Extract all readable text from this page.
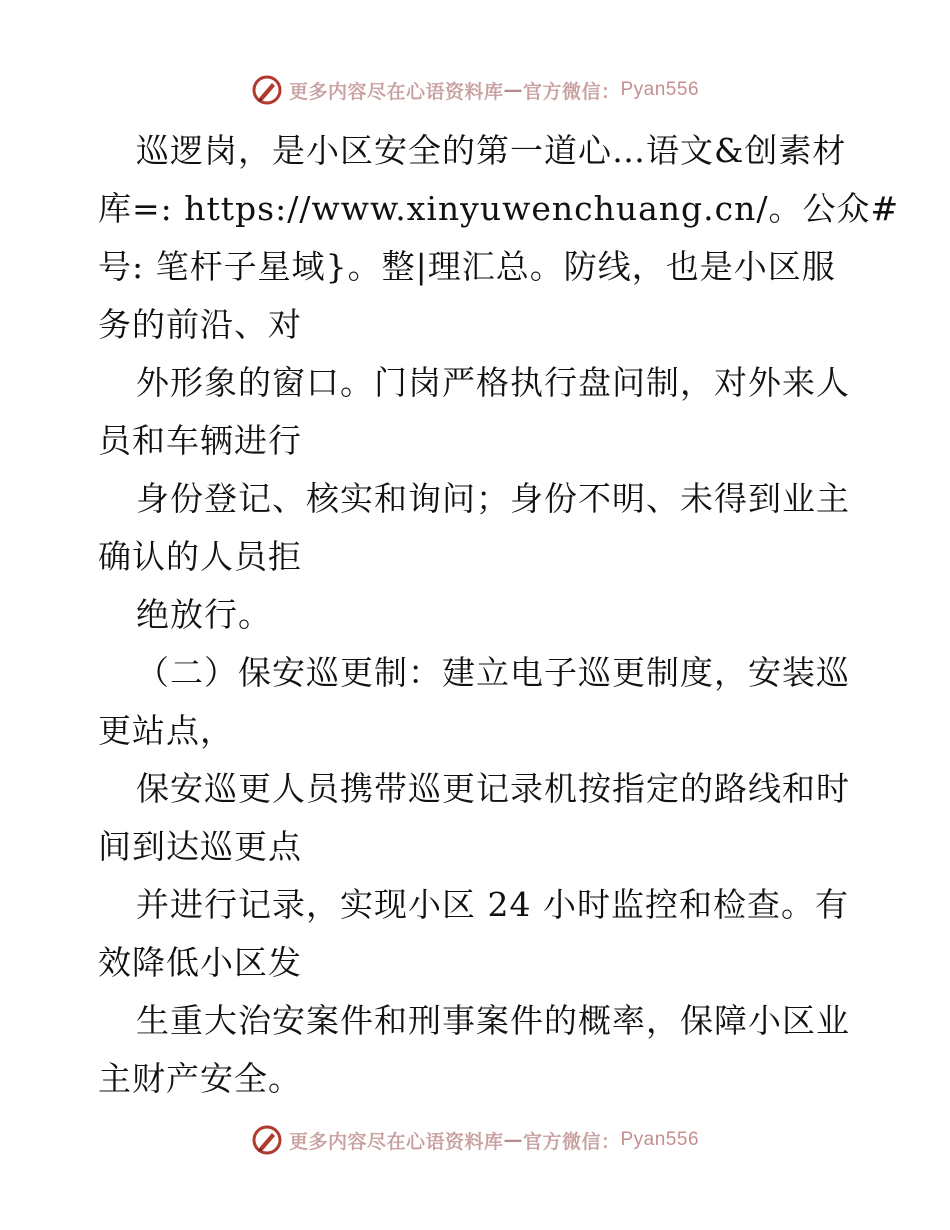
更多内容尽在心语资料库 — 官方微信： Pyan556
巡逻岗，是小区安全的第一道心…语文&创素材
库=: https://www.xinyuwenchuang.cn/。公众#
号: 笔杆子星域}。整|理汇总。防线，也是小区服
务的前沿、对
外形象的窗口。门岗严格执行盘问制，对外来人
员和车辆进行
身份登记、核实和询问；身份不明、未得到业主
确认的人员拒
绝放行。
（二）保安巡更制：建立电子巡更制度，安装巡
更站点，
保安巡更人员携带巡更记录机按指定的路线和时
间到达巡更点
并进行记录，实现小区 24 小时监控和检查。有
效降低小区发
生重大治安案件和刑事案件的概率，保障小区业
主财产安全。
更多内容尽在心语资料库 — 官方微信： Pyan556
